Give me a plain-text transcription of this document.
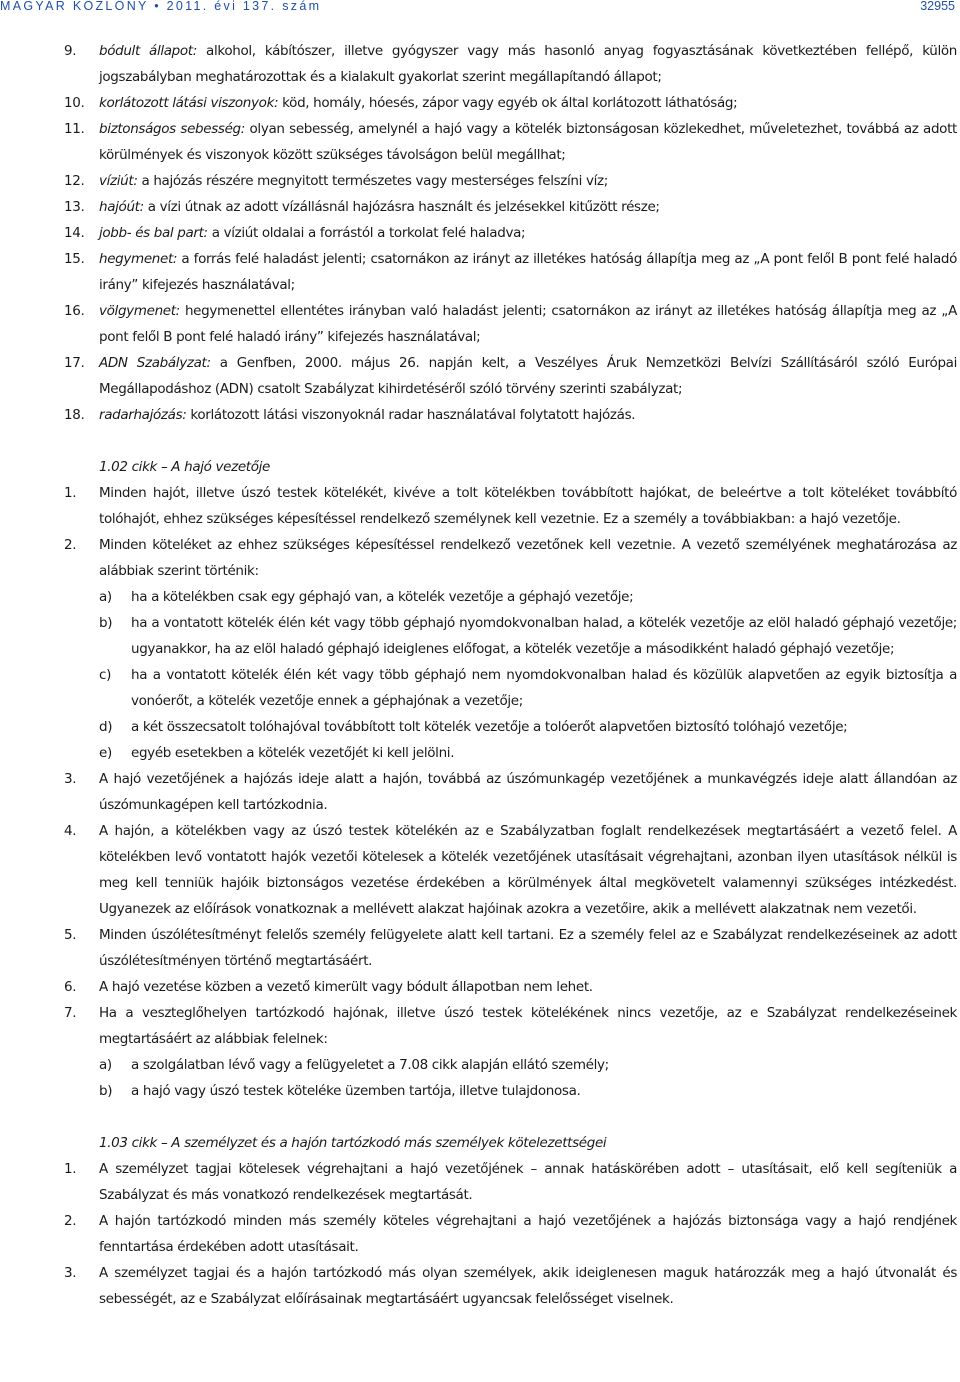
MAGYAR KÖZLÖNY • 2011. évi 137. szám	32955
9. bódult állapot: alkohol, kábítószer, illetve gyógyszer vagy más hasonló anyag fogyasztásának következtében fellépő, külön jogszabályban meghatározottak és a kialakult gyakorlat szerint megállapítandó állapot;
10. korlátozott látási viszonyok: köd, homály, hóesés, zápor vagy egyéb ok által korlátozott láthatóság;
11. biztonságos sebesség: olyan sebesség, amelynél a hajó vagy a kötelék biztonságosan közlekedhet, műveletezhet, továbbá az adott körülmények és viszonyok között szükséges távolságon belül megállhat;
12. víziút: a hajózás részére megnyitott természetes vagy mesterséges felszíni víz;
13. hajóút: a vízi útnak az adott vízállásnál hajózásra használt és jelzésekkel kitűzött része;
14. jobb- és bal part: a víziút oldalai a forrástól a torkolat felé haladva;
15. hegymenet: a forrás felé haladást jelenti; csatornákon az irányt az illetékes hatóság állapítja meg az „A pont felől B pont felé haladó irány” kifejezés használatával;
16. völgymenet: hegymenettel ellentétes irányban való haladást jelenti; csatornákon az irányt az illetékes hatóság állapítja meg az „A pont felől B pont felé haladó irány” kifejezés használatával;
17. ADN Szabályzat: a Genfben, 2000. május 26. napján kelt, a Veszélyes Áruk Nemzetközi Belvízi Szállításáról szóló Európai Megállapodáshoz (ADN) csatolt Szabályzat kihirdetéséről szóló törvény szerinti szabályzat;
18. radarhajózás: korlátozott látási viszonyoknál radar használatával folytatott hajózás.
1.02 cikk – A hajó vezetője
1. Minden hajót, illetve úszó testek kötelékét, kivéve a tolt kötelékben továbbított hajókat, de beleértve a tolt köteléket továbbító tolóhajót, ehhez szükséges képesítéssel rendelkező személynek kell vezetnie. Ez a személy a továbbiakban: a hajó vezetője.
2. Minden köteléket az ehhez szükséges képesítéssel rendelkező vezetőnek kell vezetnie. A vezető személyének meghatározása az alábbiak szerint történik:
a) ha a kötelékben csak egy géphajó van, a kötelék vezetője a géphajó vezetője;
b) ha a vontatott kötelék élén két vagy több géphajó nyomdokvonalban halad, a kötelék vezetője az elöl haladó géphajó vezetője; ugyanakkor, ha az elöl haladó géphajó ideiglenes előfogat, a kötelék vezetője a másodikként haladó géphajó vezetője;
c) ha a vontatott kötelék élén két vagy több géphajó nem nyomdokvonalban halad és közülük alapvetően az egyik biztosítja a vonóerőt, a kötelék vezetője ennek a géphajónak a vezetője;
d) a két összecsatolt tolóhajóval továbbított tolt kötelék vezetője a tolóerőt alapvetően biztosító tolóhajó vezetője;
e) egyéb esetekben a kötelék vezetőjét ki kell jelölni.
3. A hajó vezetőjének a hajózás ideje alatt a hajón, továbbá az úszómunkagép vezetőjének a munkavégzés ideje alatt állandóan az úszómunkagépen kell tartózkodnia.
4. A hajón, a kötelékben vagy az úszó testek kötelékén az e Szabályzatban foglalt rendelkezések megtartásáért a vezető felel. A kötelékben levő vontatott hajók vezetői kötelesek a kötelék vezetőjének utasításait végrehajtani, azonban ilyen utasítások nélkül is meg kell tenniük hajóik biztonságos vezetése érdekében a körülmények által megkövetelt valamennyi szükséges intézkedést. Ugyanezek az előírások vonatkoznak a mellévett alakzat hajóinak azokra a vezetőire, akik a mellévett alakzatnak nem vezetői.
5. Minden úszólétesítményt felelős személy felügyelete alatt kell tartani. Ez a személy felel az e Szabályzat rendelkezéseinek az adott úszólétesítményen történő megtartásáért.
6. A hajó vezetése közben a vezető kimerült vagy bódult állapotban nem lehet.
7. Ha a veszteglőhelyen tartózkodó hajónak, illetve úszó testek kötelékének nincs vezetője, az e Szabályzat rendelkezéseinek megtartásáért az alábbiak felelnek:
a) a szolgálatban lévő vagy a felügyeletet a 7.08 cikk alapján ellátó személy;
b) a hajó vagy úszó testek köteléke üzemben tartója, illetve tulajdonosa.
1.03 cikk – A személyzet és a hajón tartózkodó más személyek kötelezettségei
1. A személyzet tagjai kötelesek végrehajtani a hajó vezetőjének – annak hatáskörében adott – utasításait, elő kell segíteniük a Szabályzat és más vonatkozó rendelkezések megtartását.
2. A hajón tartózkodó minden más személy köteles végrehajtani a hajó vezetőjének a hajózás biztonsága vagy a hajó rendjének fenntartása érdekében adott utasításait.
3. A személyzet tagjai és a hajón tartózkodó más olyan személyek, akik ideiglenesen maguk határozzák meg a hajó útvonalát és sebességét, az e Szabályzat előírásainak megtartásáért ugyancsak felelősséget viselnek.
